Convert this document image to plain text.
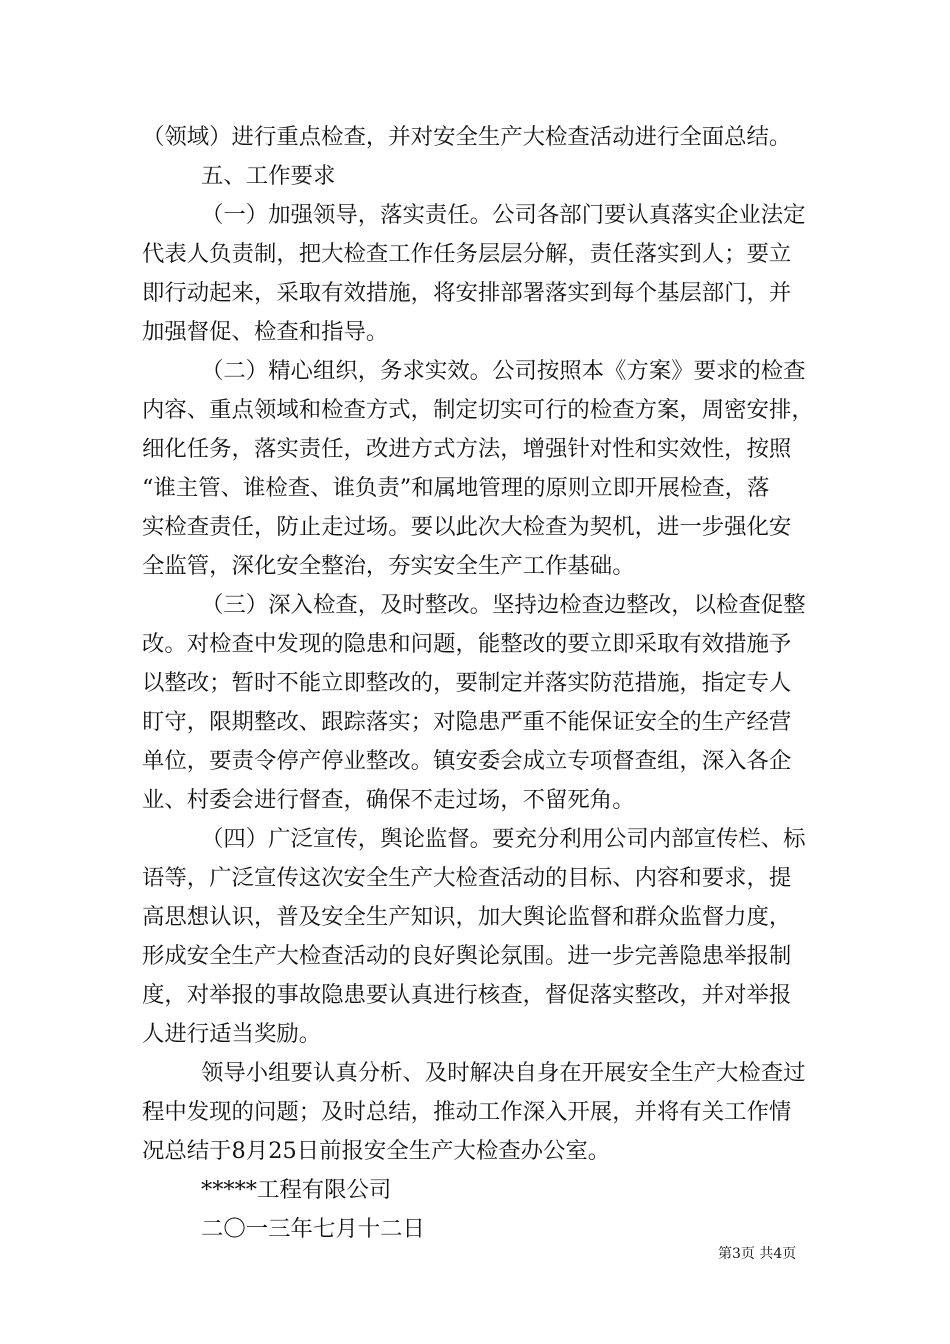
（领域）进行重点检查，并对安全生产大检查活动进行全面总结。
五、工作要求
（一）加强领导，落实责任。公司各部门要认真落实企业法定
代表人负责制，把大检查工作任务层层分解，责任落实到人；要立
即行动起来，采取有效措施，将安排部署落实到每个基层部门，并
加强督促、检查和指导。
（二）精心组织，务求实效。公司按照本《方案》要求的检查
内容、重点领域和检查方式，制定切实可行的检查方案，周密安排，
细化任务，落实责任，改进方式方法，增强针对性和实效性，按照
“谁主管、谁检查、谁负责”和属地管理的原则立即开展检查，落
实检查责任，防止走过场。要以此次大检查为契机，进一步强化安
全监管，深化安全整治，夯实安全生产工作基础。
（三）深入检查，及时整改。坚持边检查边整改，以检查促整
改。对检查中发现的隐患和问题，能整改的要立即采取有效措施予
以整改；暂时不能立即整改的，要制定并落实防范措施，指定专人
盯守，限期整改、跟踪落实；对隐患严重不能保证安全的生产经营
单位，要责令停产停业整改。镇安委会成立专项督查组，深入各企
业、村委会进行督查，确保不走过场，不留死角。
（四）广泛宣传，舆论监督。要充分利用公司内部宣传栏、标
语等，广泛宣传这次安全生产大检查活动的目标、内容和要求，提
高思想认识，普及安全生产知识，加大舆论监督和群众监督力度，
形成安全生产大检查活动的良好舆论氛围。进一步完善隐患举报制
度，对举报的事故隐患要认真进行核查，督促落实整改，并对举报
人进行适当奖励。
领导小组要认真分析、及时解决自身在开展安全生产大检查过
程中发现的问题；及时总结，推动工作深入开展，并将有关工作情
况总结于8月25日前报安全生产大检查办公室。
*****工程有限公司
二〇一三年七月十二日
第3页 共4页
